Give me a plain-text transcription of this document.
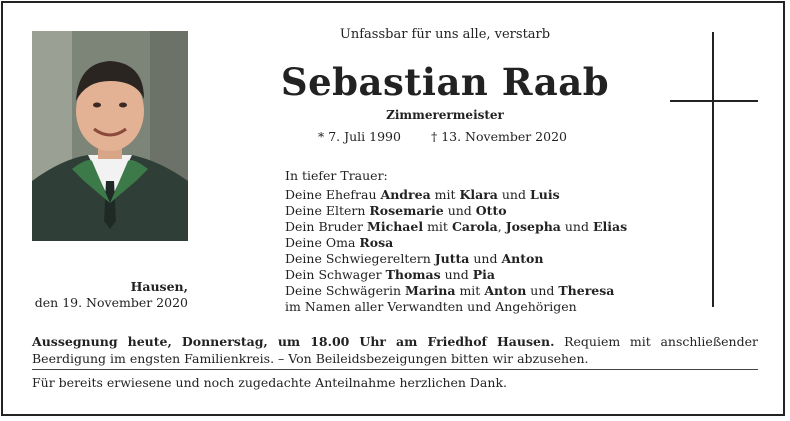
Unfassbar für uns alle, verstarb
Sebastian Raab
Zimmerermeister
* 7. Juli 1990 † 13. November 2020
In tiefer Trauer:
Deine Ehefrau Andrea mit Klara und Luis
Deine Eltern Rosemarie und Otto
Dein Bruder Michael mit Carola, Josepha und Elias
Deine Oma Rosa
Deine Schwiegereltern Jutta und Anton
Dein Schwager Thomas und Pia
Deine Schwägerin Marina mit Anton und Theresa
im Namen aller Verwandten und Angehörigen
Hausen,
den 19. November 2020
Aussegnung heute, Donnerstag, um 18.00 Uhr am Friedhof Hausen. Requiem mit anschließender Beerdigung im engsten Familienkreis. – Von Beileidsbezeigungen bitten wir abzusehen.
Für bereits erwiesene und noch zugedachte Anteilnahme herzlichen Dank.
